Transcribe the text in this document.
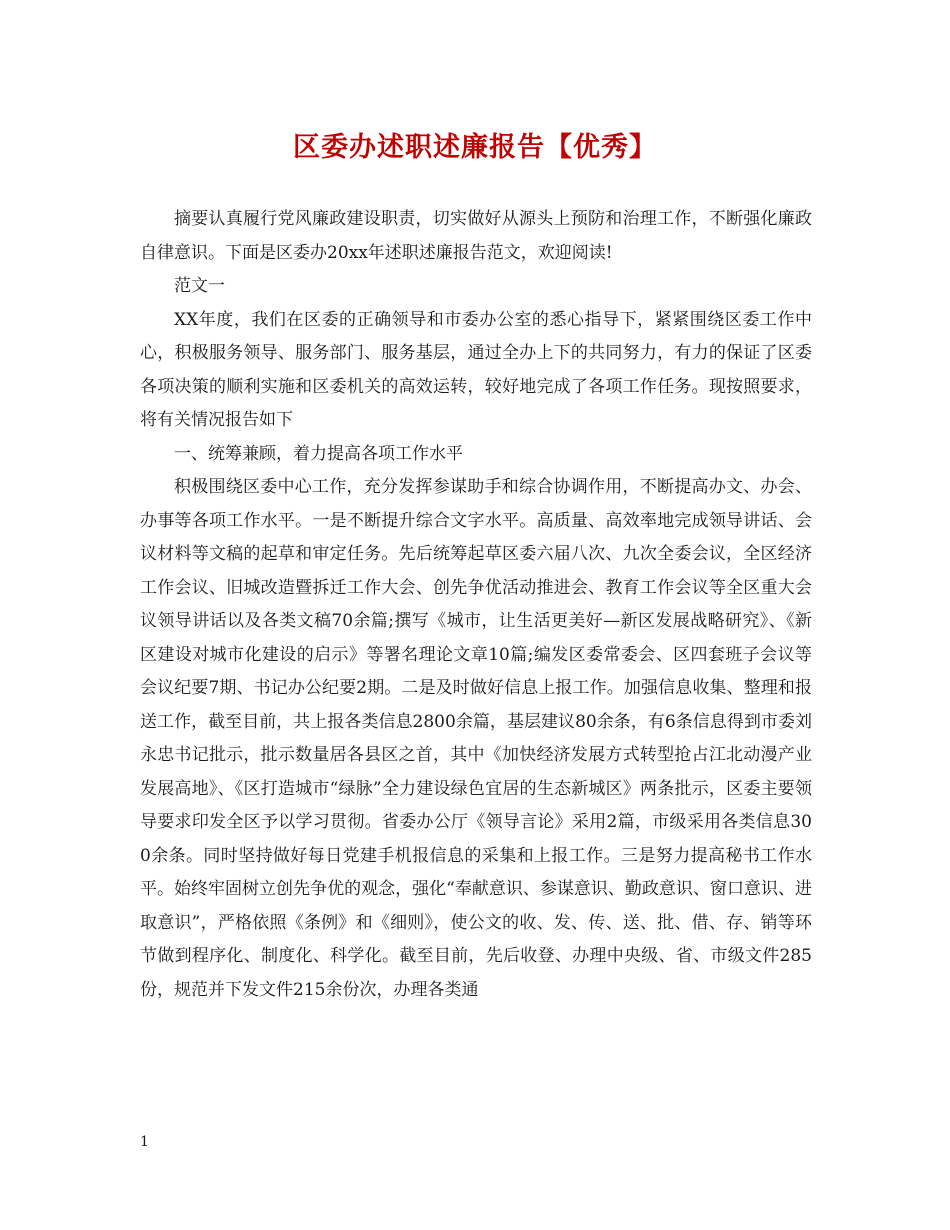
区委办述职述廉报告【优秀】

摘要认真履行党风廉政建设职责，切实做好从源头上预防和治理工作，不断强化廉政自律意识。下面是区委办20xx年述职述廉报告范文，欢迎阅读!

范文一

XX年度，我们在区委的正确领导和市委办公室的悉心指导下，紧紧围绕区委工作中心，积极服务领导、服务部门、服务基层，通过全办上下的共同努力，有力的保证了区委各项决策的顺利实施和区委机关的高效运转，较好地完成了各项工作任务。现按照要求，将有关情况报告如下

一、统筹兼顾，着力提高各项工作水平

积极围绕区委中心工作，充分发挥参谋助手和综合协调作用，不断提高办文、办会、办事等各项工作水平。一是不断提升综合文字水平。高质量、高效率地完成领导讲话、会议材料等文稿的起草和审定任务。先后统筹起草区委六届八次、九次全委会议，全区经济工作会议、旧城改造暨拆迁工作大会、创先争优活动推进会、教育工作会议等全区重大会议领导讲话以及各类文稿70余篇;撰写《城市，让生活更美好—新区发展战略研究》、《新区建设对城市化建设的启示》等署名理论文章10篇;编发区委常委会、区四套班子会议等会议纪要7期、书记办公纪要2期。二是及时做好信息上报工作。加强信息收集、整理和报送工作，截至目前，共上报各类信息2800余篇，基层建议80余条，有6条信息得到市委刘永忠书记批示，批示数量居各县区之首，其中《加快经济发展方式转型抢占江北动漫产业发展高地》、《区打造城市“绿脉”全力建设绿色宜居的生态新城区》两条批示，区委主要领导要求印发全区予以学习贯彻。省委办公厅《领导言论》采用2篇，市级采用各类信息300余条。同时坚持做好每日党建手机报信息的采集和上报工作。三是努力提高秘书工作水平。始终牢固树立创先争优的观念，强化“奉献意识、参谋意识、勤政意识、窗口意识、进取意识”，严格依照《条例》和《细则》，使公文的收、发、传、送、批、借、存、销等环节做到程序化、制度化、科学化。截至目前，先后收登、办理中央级、省、市级文件285份，规范并下发文件215余份次，办理各类通

1
